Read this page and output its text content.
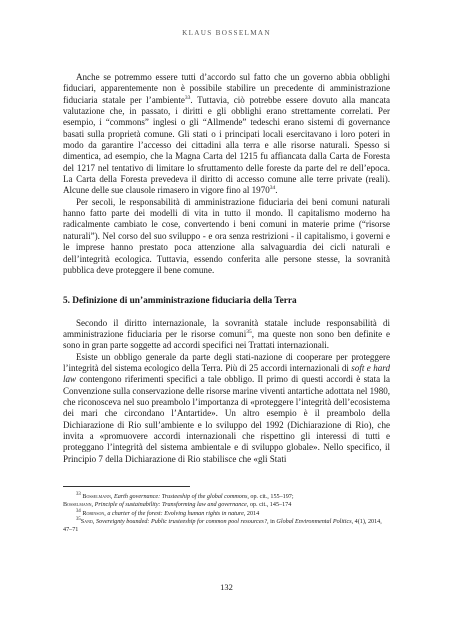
KLAUS BOSSELMAN

Anche se potremmo essere tutti d’accordo sul fatto che un governo abbia obblighi fiduciari, apparentemente non è possibile stabilire un precedente di amministrazione fiduciaria statale per l’ambiente$^{33}$. Tuttavia, ciò potrebbe essere dovuto alla mancata valutazione che, in passato, i diritti e gli obblighi erano strettamente correlati. Per esempio, i “commons” inglesi o gli “Allmende” tedeschi erano sistemi di governance basati sulla proprietà comune. Gli stati o i principati locali esercitavano i loro poteri in modo da garantire l’accesso dei cittadini alla terra e alle risorse naturali. Spesso si dimentica, ad esempio, che la Magna Carta del 1215 fu affiancata dalla Carta de Foresta del 1217 nel tentativo di limitare lo sfruttamento delle foreste da parte del re dell’epoca. La Carta della Foresta prevedeva il diritto di accesso comune alle terre private (reali). Alcune delle sue clausole rimasero in vigore fino al 1970$^{34}$.

Per secoli, le responsabilità di amministrazione fiduciaria dei beni comuni naturali hanno fatto parte dei modelli di vita in tutto il mondo. Il capitalismo moderno ha radicalmente cambiato le cose, convertendo i beni comuni in materie prime (“risorse naturali”). Nel corso del suo sviluppo - e ora senza restrizioni - il capitalismo, i governi e le imprese hanno prestato poca attenzione alla salvaguardia dei cicli naturali e dell’integrità ecologica. Tuttavia, essendo conferita alle persone stesse, la sovranità pubblica deve proteggere il bene comune.

5. Definizione di un’amministrazione fiduciaria della Terra

Secondo il diritto internazionale, la sovranità statale include responsabilità di amministrazione fiduciaria per le risorse comuni$^{35}$, ma queste non sono ben definite e sono in gran parte soggette ad accordi specifici nei Trattati internazionali.

Esiste un obbligo generale da parte degli stati-nazione di cooperare per proteggere l’integrità del sistema ecologico della Terra. Più di 25 accordi internazionali di soft e hard law contengono riferimenti specifici a tale obbligo. Il primo di questi accordi è stata la Convenzione sulla conservazione delle risorse marine viventi antartiche adottata nel 1980, che riconosceva nel suo preambolo l’importanza di «proteggere l’integrità dell’ecosistema dei mari che circondano l’Antartide». Un altro esempio è il preambolo della Dichiarazione di Rio sull’ambiente e lo sviluppo del 1992 (Dichiarazione di Rio), che invita a «promuovere accordi internazionali che rispettino gli interessi di tutti e proteggano l’integrità del sistema ambientale e di sviluppo globale». Nello specifico, il Principio 7 della Dichiarazione di Rio stabilisce che «gli Stati

$^{33}$ Bosselmann, Earth governance: Trusteeship of the global commons, op. cit., 155–197;
Bosselmann, Principle of sustainability: Transforming law and governance, op. cit., 145–174

$^{34}$ Robinson, a charter of the forest: Evolving human rights in nature, 2014

$^{35}$Sand, Sovereignty bounded: Public trusteeship for common pool resources?, in Global Environmental Politics, 4(1), 2014, 47–71

132
